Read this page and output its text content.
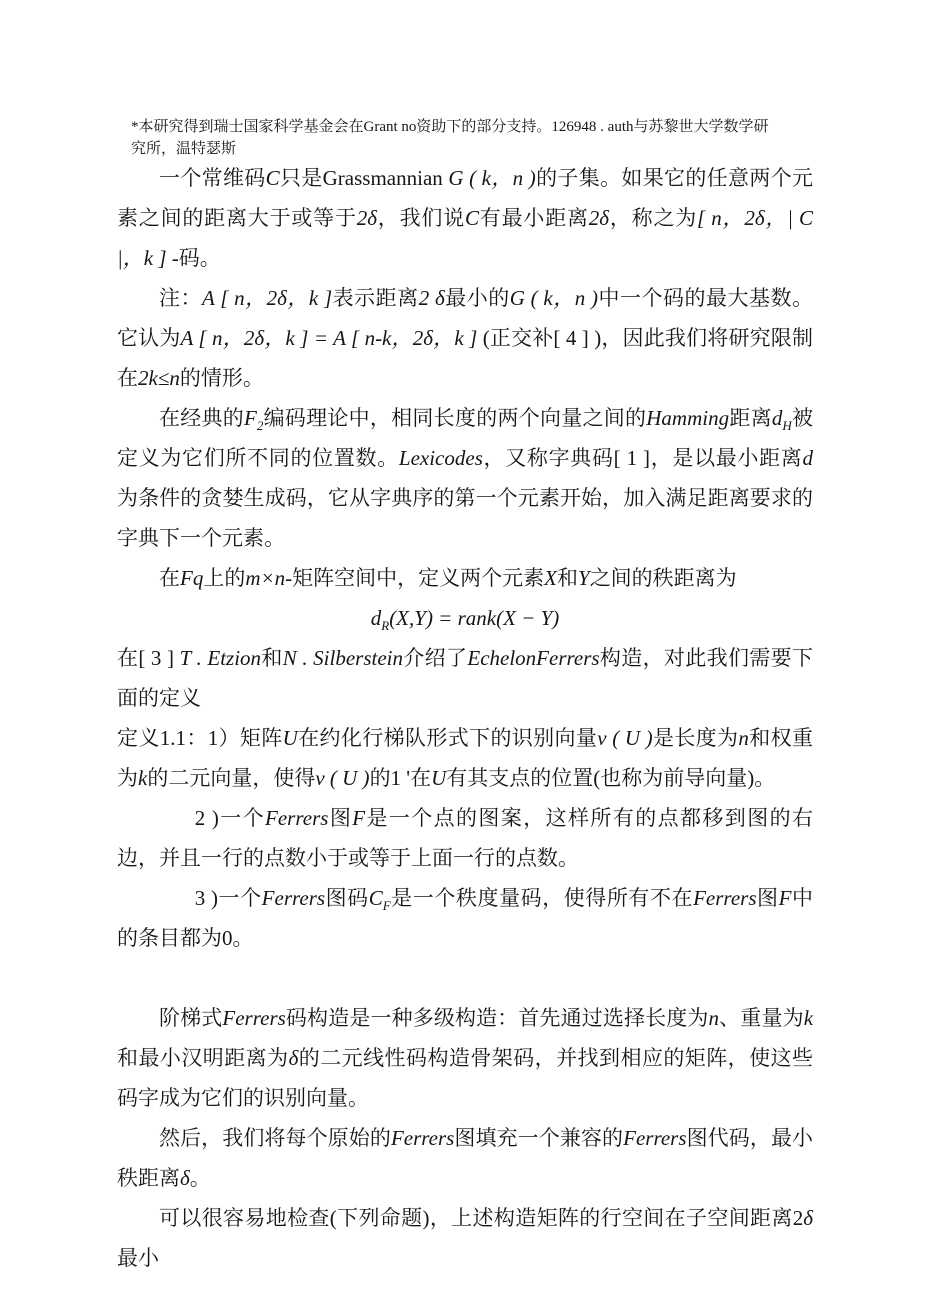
*本研究得到瑞士国家科学基金会在Grant no资助下的部分支持。126948 . auth与苏黎世大学数学研究所，温特瑟斯

一个常维码C只是Grassmannian G ( k，n )的子集。如果它的任意两个元素之间的距离大于或等于2δ，我们说C有最小距离2δ，称之为[ n，2δ，| C |，k ] -码。

注：A [ n，2δ，k ]表示距离2 δ最小的G ( k，n )中一个码的最大基数。它认为A [ n，2δ，k ] = A [ n-k，2δ，k ] (正交补[ 4 ] )，因此我们将研究限制在2k≤n的情形。

在经典的$F_2$编码理论中，相同长度的两个向量之间的Hamming距离$d_H$被定义为它们所不同的位置数。Lexicodes，又称字典码[ 1 ]，是以最小距离d为条件的贪婪生成码，它从字典序的第一个元素开始，加入满足距离要求的字典下一个元素。

在Fq上的m×n-矩阵空间中，定义两个元素X和Y之间的秩距离为

$d_R(X,Y)$ = rank(X − Y)

在[ 3 ] T . Etzion和N . Silberstein介绍了EchelonFerrers构造，对此我们需要下面的定义

定义1.1：1）矩阵U在约化行梯队形式下的识别向量v ( U )是长度为n和权重为k的二元向量，使得v ( U )的1 '在U有其支点的位置(也称为前导向量)。

2 )一个Ferrers图F是一个点的图案，这样所有的点都移到图的右边，并且一行的点数小于或等于上面一行的点数。

3 )一个Ferrers图码$C_F$是一个秩度量码，使得所有不在Ferrers图F中的条目都为0。

阶梯式Ferrers码构造是一种多级构造：首先通过选择长度为n、重量为k和最小汉明距离为δ的二元线性码构造骨架码，并找到相应的矩阵，使这些码字成为它们的识别向量。

然后，我们将每个原始的Ferrers图填充一个兼容的Ferrers图代码，最小秩距离δ。

可以很容易地检查(下列命题)，上述构造矩阵的行空间在子空间距离2δ最小
